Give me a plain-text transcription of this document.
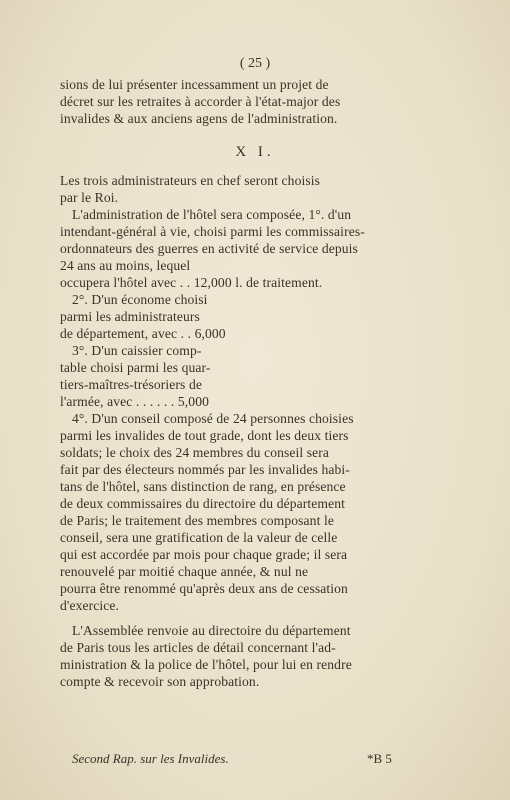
( 25 )
sions de lui présenter incessamment un projet de
décret sur les retraites à accorder à l'état-major des
invalides & aux anciens agens de l'administration.
X I.
Les trois administrateurs en chef seront choisis
par le Roi.
L'administration de l'hôtel sera composée, 1°. d'un
intendant-général à vie, choisi parmi les commissaires-
ordonnateurs des guerres en activité de service depuis
24 ans au moins, lequel
occupera l'hôtel avec . . 12,000 l. de traitement.
2°. D'un économe choisi
parmi les administrateurs
de département, avec . . 6,000
3°. D'un caissier comp-
table choisi parmi les quar-
tiers-maîtres-trésoriers de
l'armée, avec . . . . . . 5,000
4°. D'un conseil composé de 24 personnes choisies
parmi les invalides de tout grade, dont les deux tiers
soldats; le choix des 24 membres du conseil sera
fait par des électeurs nommés par les invalides habi-
tans de l'hôtel, sans distinction de rang, en présence
de deux commissaires du directoire du département
de Paris; le traitement des membres composant le
conseil, sera une gratification de la valeur de celle
qui est accordée par mois pour chaque grade; il sera
renouvelé par moitié chaque année, & nul ne
pourra être renommé qu'après deux ans de cessation
d'exercice.
L'Assemblée renvoie au directoire du département
de Paris tous les articles de détail concernant l'ad-
ministration & la police de l'hôtel, pour lui en rendre
compte & recevoir son approbation.
Second Rap. sur les Invalides.	*B 5
